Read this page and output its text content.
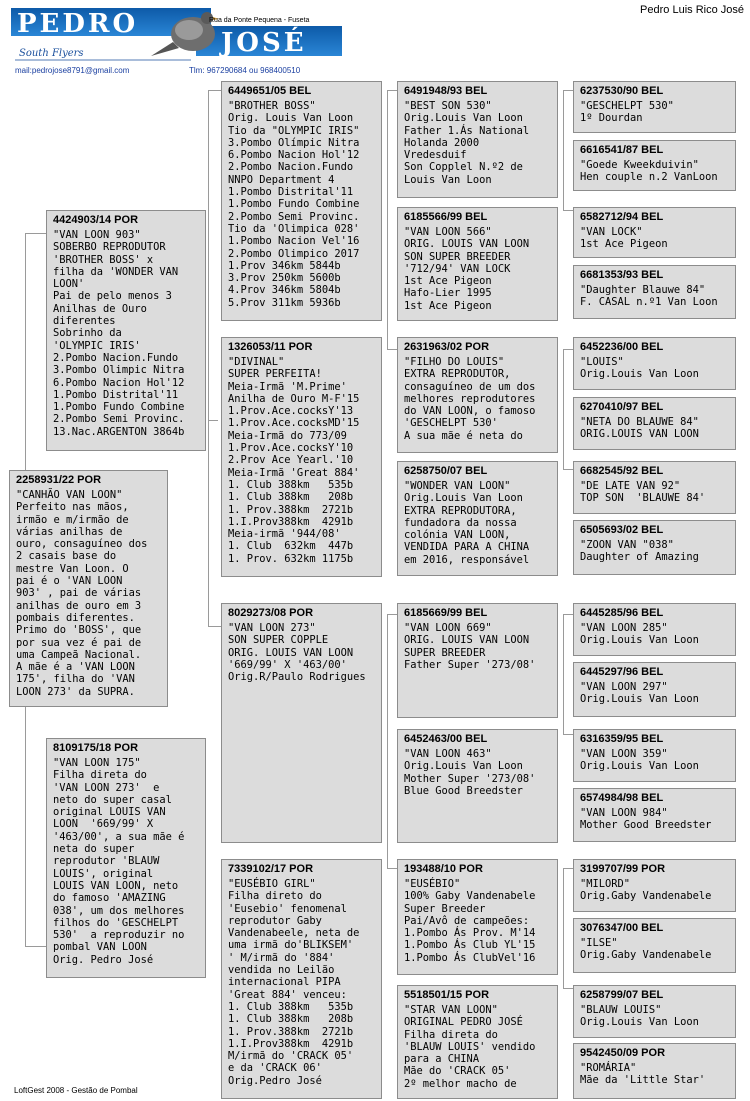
PEDRO
JOSÉ
Rua da Ponte Pequena - Fuseta
South Flyers
mail:pedrojose8791@gmail.com	Tlm: 967290684 ou 968400510
Pedro Luis Rico José
2258931/22 POR
"CANHÃO VAN LOON"
Perfeito nas mãos,
irmão e m/irmão de
várias anilhas de
ouro, consaguíneo dos
2 casais base do
mestre Van Loon. O
pai é o 'VAN LOON
903' , pai de várias
anilhas de ouro em 3
pombais diferentes.
Primo do 'BOSS', que
por sua vez é pai de
uma Campeã Nacional.
A mãe é a 'VAN LOON
175', filha do 'VAN
LOON 273' da SUPRA.
4424903/14 POR
"VAN LOON 903"
SOBERBO REPRODUTOR
'BROTHER BOSS' x
filha da 'WONDER VAN
LOON'
Pai de pelo menos 3
Anilhas de Ouro
diferentes
Sobrinho da
'OLYMPIC IRIS'
2.Pombo Nacion.Fundo
3.Pombo Olimpic Nitra
6.Pombo Nacion Hol'12
1.Pombo Distrital'11
1.Pombo Fundo Combine
2.Pombo Semi Provinc.
13.Nac.ARGENTON 3864b
8109175/18 POR
"VAN LOON 175"
Filha direta do
'VAN LOON 273'  e
neto do super casal
original LOUIS VAN
LOON  '669/99' X
'463/00', a sua mãe é
neta do super
reprodutor 'BLAUW
LOUIS', original
LOUIS VAN LOON, neto
do famoso 'AMAZING
038', um dos melhores
filhos do 'GESCHELPT
530'  a reproduzir no
pombal VAN LOON
Orig. Pedro José
6449651/05 BEL
"BROTHER BOSS"
Orig. Louis Van Loon
Tio da "OLYMPIC IRIS"
3.Pombo Olímpic Nitra
6.Pombo Nacion Hol'12
2.Pombo Nacion.Fundo
NNPO Department 4
1.Pombo Distrital'11
1.Pombo Fundo Combine
2.Pombo Semi Provinc.
Tio da 'Olimpica 028'
1.Pombo Nacion Vel'16
2.Pombo Olimpico 2017
1.Prov 346km 5844b
3.Prov 250km 5600b
4.Prov 346km 5804b
5.Prov 311km 5936b
1326053/11 POR
"DIVINAL"
SUPER PERFEITA!
Meia-Irmã 'M.Prime'
Anilha de Ouro M-F'15
1.Prov.Ace.cocksY'13
1.Prov.Ace.cocksMD'15
Meia-Irmã do 773/09
1.Prov.Ace.cocksY'10
2.Prov Ace Yearl.'10
Meia-Irmã 'Great 884'
1. Club 388km   535b
1. Club 388km   208b
1. Prov.388km  2721b
1.I.Prov388km  4291b
Meia-irmã '944/08'
1. Club  632km  447b
1. Prov. 632km 1175b
8029273/08 POR
"VAN LOON 273"
SON SUPER COPPLE
ORIG. LOUIS VAN LOON
'669/99' X '463/00'
Orig.R/Paulo Rodrigues
7339102/17 POR
"EUSÉBIO GIRL"
Filha direto do
'Eusebio' fenomenal
reprodutor Gaby
Vandenabeele, neta de
uma irmã do'BLIKSEM'
' M/irmã do '884'
vendida no Leilão
internacional PIPA
'Great 884' venceu:
1. Club 388km   535b
1. Club 388km   208b
1. Prov.388km  2721b
1.I.Prov388km  4291b
M/irmã do 'CRACK 05'
e da 'CRACK 06'
Orig.Pedro José
6491948/93 BEL
"BEST SON 530"
Orig.Louis Van Loon
Father 1.Ás National
Holanda 2000
Vredesduif
Son Copplel N.º2 de
Louis Van Loon
6185566/99 BEL
"VAN LOON 566"
ORIG. LOUIS VAN LOON
SON SUPER BREEDER
'712/94' VAN LOCK
1st Ace Pigeon
Hafo-Lier 1995
1st Ace Pigeon
2631963/02 POR
"FILHO DO LOUIS"
EXTRA REPRODUTOR,
consaguíneo de um dos
melhores reprodutores
do VAN LOON, o famoso
'GESCHELPT 530'
A sua mãe é neta do
6258750/07 BEL
"WONDER VAN LOON"
Orig.Louis Van Loon
EXTRA REPRODUTORA,
fundadora da nossa
colónia VAN LOON,
VENDIDA PARA A CHINA
em 2016, responsável
6185669/99 BEL
"VAN LOON 669"
ORIG. LOUIS VAN LOON
SUPER BREEDER
Father Super '273/08'
6452463/00 BEL
"VAN LOON 463"
Orig.Louis Van Loon
Mother Super '273/08'
Blue Good Breedster
193488/10 POR
"EUSÉBIO"
100% Gaby Vandenabele
Super Breeder
Pai/Avô de campeões:
1.Pombo Ás Prov. M'14
1.Pombo Ás Club YL'15
1.Pombo Ás ClubVel'16
5518501/15 POR
"STAR VAN LOON"
ORIGINAL PEDRO JOSÉ
Filha direta do
'BLAUW LOUIS' vendido
para a CHINA
Mãe do 'CRACK 05'
2º melhor macho de
6237530/90 BEL
"GESCHELPT 530"
1º Dourdan
6616541/87 BEL
"Goede Kweekduivin"
Hen couple n.2 VanLoon
6582712/94 BEL
"VAN LOCK"
1st Ace Pigeon
6681353/93 BEL
"Daughter Blauwe 84"
F. CASAL n.º1 Van Loon
6452236/00 BEL
"LOUIS"
Orig.Louis Van Loon
6270410/97 BEL
"NETA DO BLAUWE 84"
ORIG.LOUIS VAN LOON
6682545/92 BEL
"DE LATE VAN 92"
TOP SON  'BLAUWE 84'
6505693/02 BEL
"ZOON VAN "038"
Daughter of Amazing
6445285/96 BEL
"VAN LOON 285"
Orig.Louis Van Loon
6445297/96 BEL
"VAN LOON 297"
Orig.Louis Van Loon
6316359/95 BEL
"VAN LOON 359"
Orig.Louis Van Loon
6574984/98 BEL
"VAN LOON 984"
Mother Good Breedster
3199707/99 POR
"MILORD"
Orig.Gaby Vandenabele
3076347/00 BEL
"ILSE"
Orig.Gaby Vandenabele
6258799/07 BEL
"BLAUW LOUIS"
Orig.Louis Van Loon
9542450/09 POR
"ROMÁRIA"
Mãe da 'Little Star'
LoftGest 2008 - Gestão de Pombal
